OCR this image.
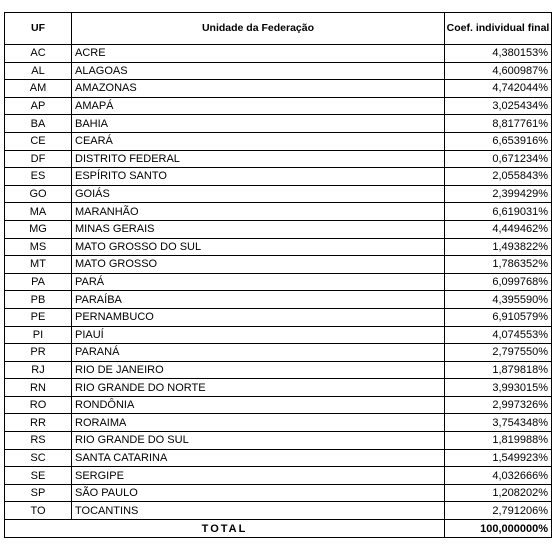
UF	Unidade da Federação	Coef. individual final
AC	ACRE	4,380153%
AL	ALAGOAS	4,600987%
AM	AMAZONAS	4,742044%
AP	AMAPÁ	3,025434%
BA	BAHIA	8,817761%
CE	CEARÁ	6,653916%
DF	DISTRITO FEDERAL	0,671234%
ES	ESPÍRITO SANTO	2,055843%
GO	GOIÁS	2,399429%
MA	MARANHÃO	6,619031%
MG	MINAS GERAIS	4,449462%
MS	MATO GROSSO DO SUL	1,493822%
MT	MATO GROSSO	1,786352%
PA	PARÁ	6,099768%
PB	PARAÍBA	4,395590%
PE	PERNAMBUCO	6,910579%
PI	PIAUÍ	4,074553%
PR	PARANÁ	2,797550%
RJ	RIO DE JANEIRO	1,879818%
RN	RIO GRANDE DO NORTE	3,993015%
RO	RONDÔNIA	2,997326%
RR	RORAIMA	3,754348%
RS	RIO GRANDE DO SUL	1,819988%
SC	SANTA CATARINA	1,549923%
SE	SERGIPE	4,032666%
SP	SÃO PAULO	1,208202%
TO	TOCANTINS	2,791206%
TOTAL		100,000000%
